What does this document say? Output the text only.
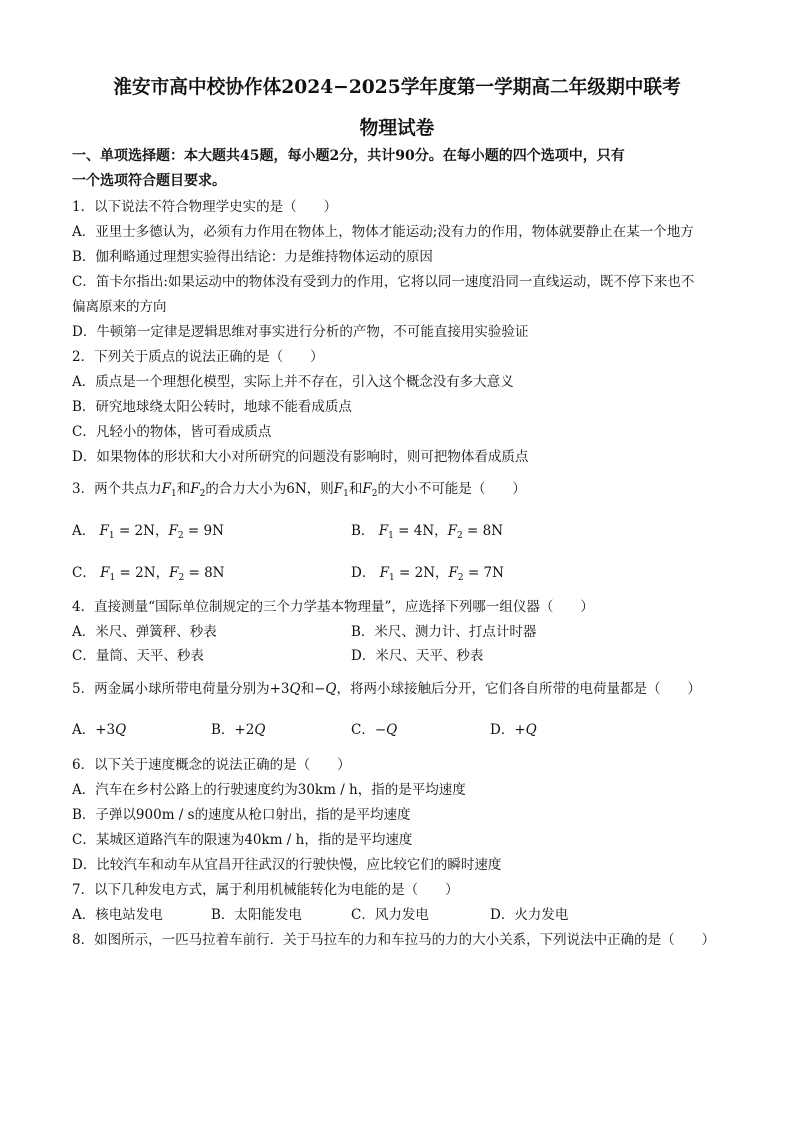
淮安市高中校协作体2024−2025学年度第一学期高二年级期中联考
物理试卷
一、单项选择题：本大题共45题，每小题2分，共计90分。在每小题的四个选项中，只有
一个选项符合题目要求。
1．以下说法不符合物理学史实的是（　　）
A．亚里士多德认为，必须有力作用在物体上，物体才能运动;没有力的作用，物体就要静止在某一个地方
B．伽利略通过理想实验得出结论：力是维持物体运动的原因
C．笛卡尔指出:如果运动中的物体没有受到力的作用，它将以同一速度沿同一直线运动，既不停下来也不
偏离原来的方向
D．牛顿第一定律是逻辑思维对事实进行分析的产物，不可能直接用实验验证
2．下列关于质点的说法正确的是（　　）
A．质点是一个理想化模型，实际上并不存在，引入这个概念没有多大意义
B．研究地球绕太阳公转时，地球不能看成质点
C．凡轻小的物体，皆可看成质点
D．如果物体的形状和大小对所研究的问题没有影响时，则可把物体看成质点
3．两个共点力$F_1$和$F_2$的合力大小为6N，则$F_1$和$F_2$的大小不可能是（　　）
A． $F_1 = 2N$，$F_2 = 9N$	B． $F_1 = 4N$，$F_2 = 8N$
C． $F_1 = 2N$，$F_2 = 8N$	D． $F_1 = 2N$，$F_2 = 7N$
4．直接测量“国际单位制规定的三个力学基本物理量”，应选择下列哪一组仪器（　　）
A．米尺、弹簧秤、秒表	B．米尺、测力计、打点计时器
C．量筒、天平、秒表	D．米尺、天平、秒表
5．两金属小球所带电荷量分别为+3Q和−Q，将两小球接触后分开，它们各自所带的电荷量都是（　　）
A．+3Q	B．+2Q	C．−Q	D．+Q
6．以下关于速度概念的说法正确的是（　　）
A．汽车在乡村公路上的行驶速度约为30km / h，指的是平均速度
B．子弹以900m / s的速度从枪口射出，指的是平均速度
C．某城区道路汽车的限速为40km / h，指的是平均速度
D．比较汽车和动车从宜昌开往武汉的行驶快慢，应比较它们的瞬时速度
7．以下几种发电方式，属于利用机械能转化为电能的是（　　）
A．核电站发电	B．太阳能发电	C．风力发电	D．火力发电
8．如图所示，一匹马拉着车前行．关于马拉车的力和车拉马的力的大小关系，下列说法中正确的是（　　）
